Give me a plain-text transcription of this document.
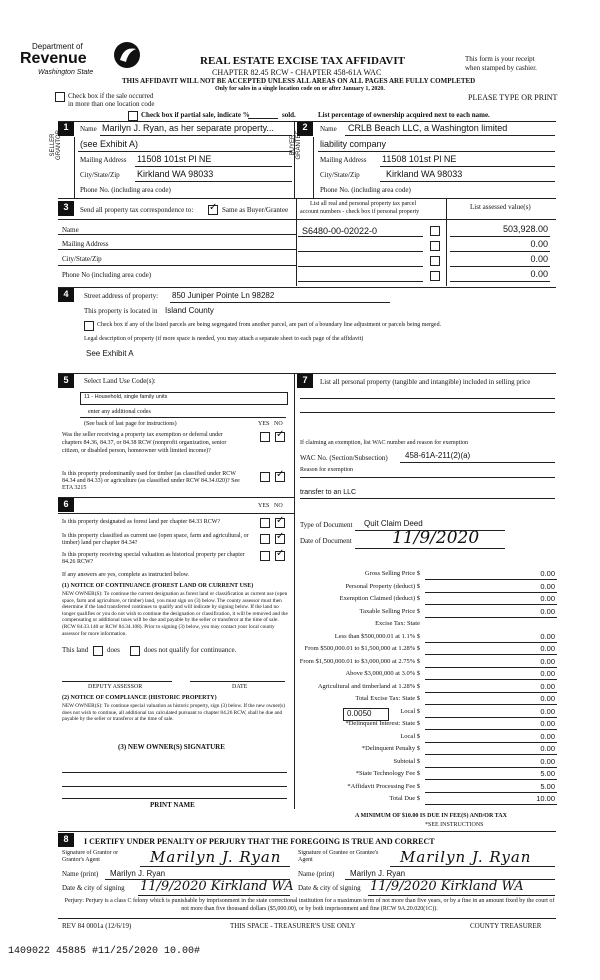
Department of
Revenue
Washington State
REAL ESTATE EXCISE TAX AFFIDAVIT
CHAPTER 82.45 RCW - CHAPTER 458-61A WAC
THIS AFFIDAVIT WILL NOT BE ACCEPTED UNLESS ALL AREAS ON ALL PAGES ARE FULLY COMPLETED
Only for sales in a single location code on or after January 1, 2020.
This form is your receipt
when stamped by cashier.
Check box if the sale occurred
in more than one location code
PLEASE TYPE OR PRINT
Check box if partial sale, indicate %	sold.	List percentage of ownership acquired next to each name.
1	2
SELLER GRANTOR
Name Marilyn J. Ryan, as her separate property...
(see Exhibit A)
Mailing Address 11508 101st Pl NE
City/State/Zip Kirkland WA 98033
Phone No. (including area code)
BUYER GRANTEE
Name CRLB Beach LLC, a Washington limited
liability company
Mailing Address 11508 101st Pl NE
City/State/Zip	Kirkland WA 98033
Phone No. (including area code)
3	Send all property tax correspondence to:
✓	Same as Buyer/Grantee
List all real and personal property tax parcel
account numbers - check box if personal property
List assessed value(s)
Name
Mailing Address
City/State/Zip
Phone No (including area code)
S6480-00-02022-0	503,928.00
0.00
0.00
0.00
4	Street address of property: 850 Juniper Pointe Ln 98282
This property is located in Island County
Check box if any of the listed parcels are being segregated from another parcel, are part of a boundary line adjustment or parcels being merged.
Legal description of property (if more space is needed, you may attach a separate sheet to each page of the affidavit)
See Exhibit A
5	Select Land Use Code(s):
11 - Household, single family units
enter any additional codes
(See back of last page for instructions)	YES NO
Was the seller receiving a property tax exemption or deferral under chapters 84.36, 84.37, or 84.38 RCW (nonprofit organization, senior citizen, or disabled person, homeowner with limited income)?
✓
Is this property predominantly used for timber (as classified under RCW 84.34 and 84.33) or agriculture (as classified under RCW 84.34.020)? See ETA 3215
✓
6	YES NO
Is this property designated as forest land per chapter 84.33 RCW?
✓
Is this property classified as current use (open space, farm and agricultural, or timber) land per chapter 84.34?
✓
Is this property receiving special valuation as historical property per chapter 84.26 RCW?
✓
If any answers are yes, complete as instructed below.
(1) NOTICE OF CONTINUANCE (FOREST LAND OR CURRENT USE)
NEW OWNER(S): To continue the current designation as forest land or classification as current use (open space, farm and agriculture, or timber) land, you must sign on (3) below. The county assessor must then determine if the land transferred continues to qualify and will indicate by signing below. If the land no longer qualifies or you do not wish to continue the designation or classification, it will be removed and the compensating or additional taxes will be due and payable by the seller or transferor at the time of sale. (RCW 84.33.140 or RCW 84.34.108). Prior to signing (3) below, you may contact your local county assessor for more information.
This land	does	does not qualify for continuance.
DEPUTY ASSESSOR	DATE
(2) NOTICE OF COMPLIANCE (HISTORIC PROPERTY)
NEW OWNER(S): To continue special valuation as historic property, sign (3) below. If the new owner(s) does not wish to continue, all additional tax calculated pursuant to chapter 84.26 RCW, shall be due and payable by the seller or transferor at the time of sale.
(3) NEW OWNER(S) SIGNATURE
PRINT NAME
7	List all personal property (tangible and intangible) included in selling price
If claiming an exemption, list WAC number and reason for exemption
WAC No. (Section/Subsection) 458-61A-211(2)(a)
Reason for exemption
transfer to an LLC
Type of Document Quit Claim Deed
Date of Document 11/9/2020
Gross Selling Price $	0.00
Personal Property (deduct) $	0.00
Exemption Claimed (deduct) $	0.00
Taxable Selling Price $	0.00
Excise Tax: State
Less than $500,000.01 at 1.1% $	0.00
From $500,000.01 to $1,500,000 at 1.28% $	0.00
From $1,500,000.01 to $3,000,000 at 2.75% $	0.00
Above $3,000,000 at 3.0% $	0.00
Agricultural and timberland at 1.28% $	0.00
Total Excise Tax: State $	0.00
Local $	0.00
*Delinquent Interest: State $	0.00
Local $	0.00
*Delinquent Penalty $	0.00
Subtotal $	0.00
*State Technology Fee $	5.00
*Affidavit Processing Fee $	5.00
Total Due $	10.00
0.0050
A MINIMUM OF $10.00 IS DUE IN FEE(S) AND/OR TAX
*SEE INSTRUCTIONS
8	I CERTIFY UNDER PENALTY OF PERJURY THAT THE FOREGOING IS TRUE AND CORRECT
Signature of Grantor or Grantor's Agent	Marilyn J. Ryan
Name (print) Marilyn J. Ryan
Date & city of signing 11/9/2020 Kirkland WA
Signature of Grantee or Grantee's Agent	Marilyn J. Ryan
Name (print) Marilyn J. Ryan
Date & city of signing 11/9/2020 Kirkland WA
Perjury: Perjury is a class C felony which is punishable by imprisonment in the state correctional institution for a maximum term of not more than five years, or by a fine in an amount fixed by the court of not more than five thousand dollars ($5,000.00), or by both imprisonment and fine (RCW 9A.20.020(1C)).
REV 84 0001a (12/6/19)	THIS SPACE - TREASURER'S USE ONLY	COUNTY TREASURER
1409022 45885 #11/25/2020 10.00#
